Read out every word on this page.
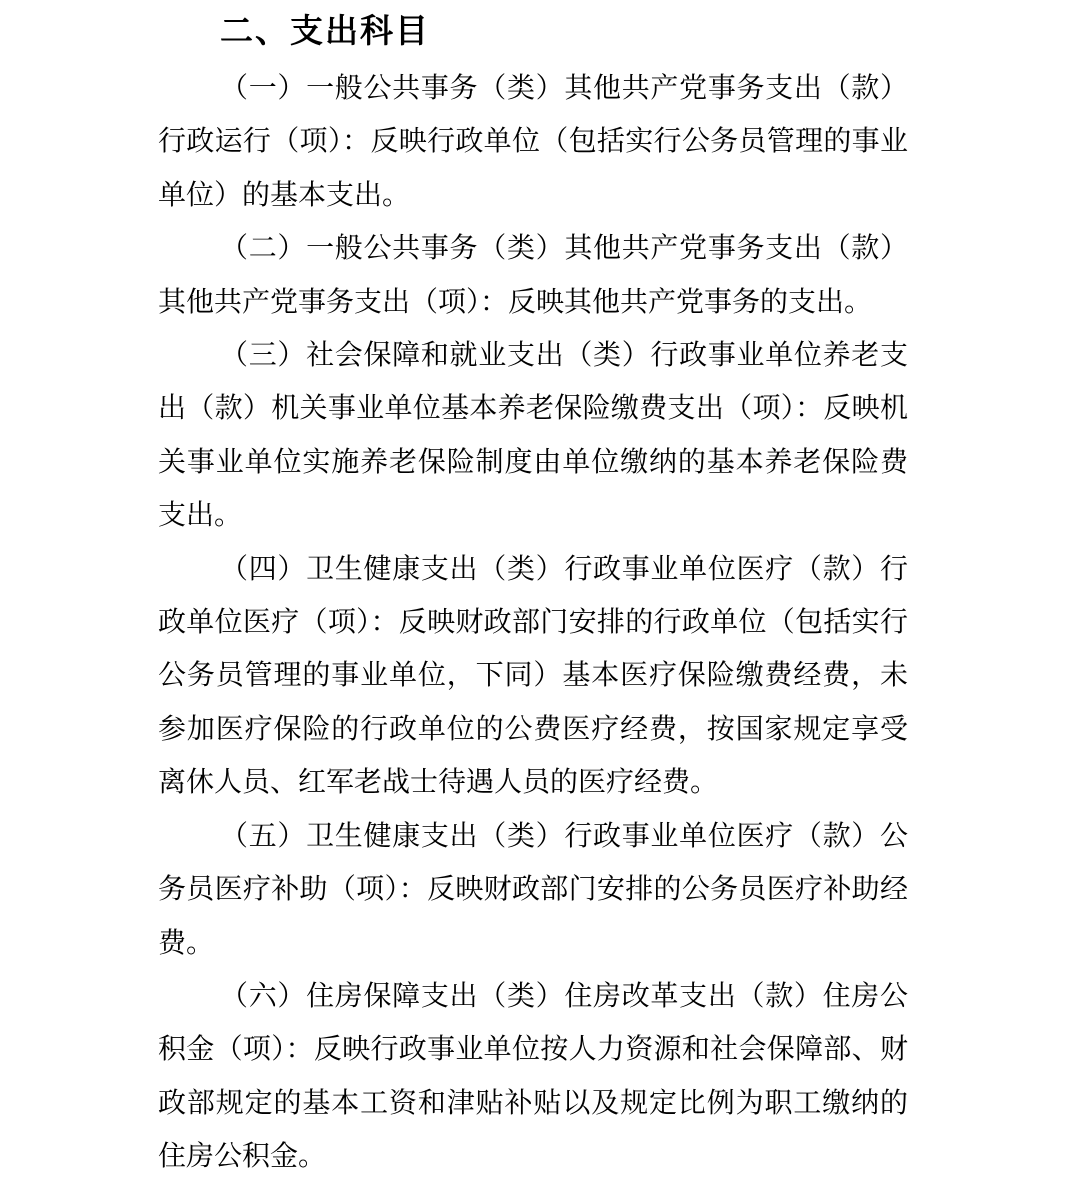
二、支出科目

（一）一般公共事务（类）其他共产党事务支出（款）行政运行（项）：反映行政单位（包括实行公务员管理的事业单位）的基本支出。

（二）一般公共事务（类）其他共产党事务支出（款）其他共产党事务支出（项）：反映其他共产党事务的支出。

（三）社会保障和就业支出（类）行政事业单位养老支出（款）机关事业单位基本养老保险缴费支出（项）：反映机关事业单位实施养老保险制度由单位缴纳的基本养老保险费支出。

（四）卫生健康支出（类）行政事业单位医疗（款）行政单位医疗（项）：反映财政部门安排的行政单位（包括实行公务员管理的事业单位，下同）基本医疗保险缴费经费，未参加医疗保险的行政单位的公费医疗经费，按国家规定享受离休人员、红军老战士待遇人员的医疗经费。

（五）卫生健康支出（类）行政事业单位医疗（款）公务员医疗补助（项）：反映财政部门安排的公务员医疗补助经费。

（六）住房保障支出（类）住房改革支出（款）住房公积金（项）：反映行政事业单位按人力资源和社会保障部、财政部规定的基本工资和津贴补贴以及规定比例为职工缴纳的住房公积金。
